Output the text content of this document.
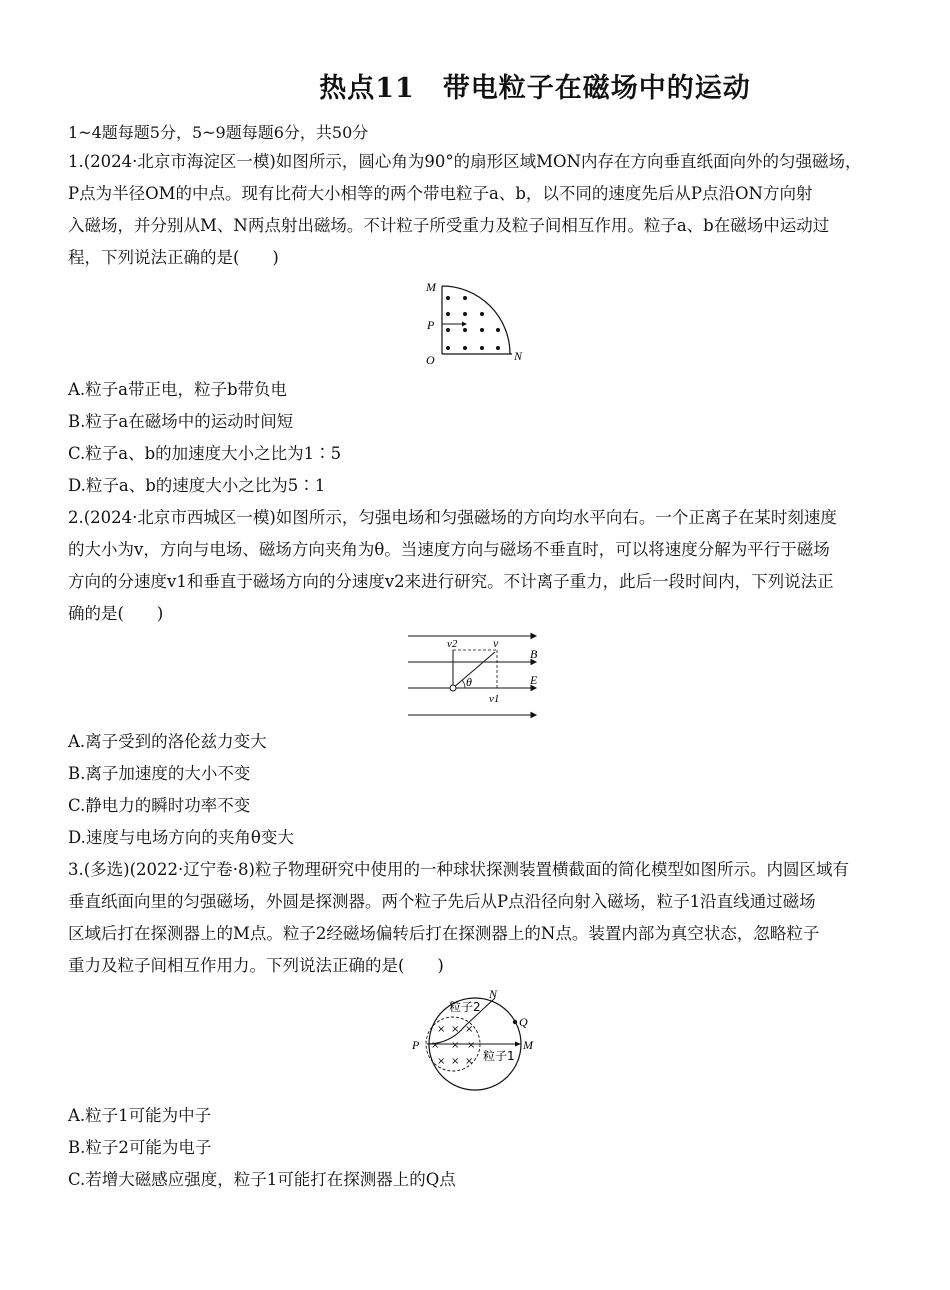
热点11　带电粒子在磁场中的运动
1~4题每题5分，5~9题每题6分，共50分
1.(2024·北京市海淀区一模)如图所示，圆心角为90°的扇形区域MON内存在方向垂直纸面向外的匀强磁场，
P点为半径OM的中点。现有比荷大小相等的两个带电粒子a、b，以不同的速度先后从P点沿ON方向射
入磁场，并分别从M、N两点射出磁场。不计粒子所受重力及粒子间相互作用。粒子a、b在磁场中运动过
程，下列说法正确的是(　　)
M
P
O	N
A.粒子a带正电，粒子b带负电
B.粒子a在磁场中的运动时间短
C.粒子a、b的加速度大小之比为1∶5
D.粒子a、b的速度大小之比为5∶1
2.(2024·北京市西城区一模)如图所示，匀强电场和匀强磁场的方向均水平向右。一个正离子在某时刻速度
的大小为v，方向与电场、磁场方向夹角为θ。当速度方向与磁场不垂直时，可以将速度分解为平行于磁场
方向的分速度v1和垂直于磁场方向的分速度v2来进行研究。不计离子重力，此后一段时间内，下列说法正
确的是(　　)
v2	v
B
E
θ
v1
A.离子受到的洛伦兹力变大
B.离子加速度的大小不变
C.静电力的瞬时功率不变
D.速度与电场方向的夹角θ变大
3.(多选)(2022·辽宁卷·8)粒子物理研究中使用的一种球状探测装置横截面的简化模型如图所示。内圆区域有
垂直纸面向里的匀强磁场，外圆是探测器。两个粒子先后从P点沿径向射入磁场，粒子1沿直线通过磁场
区域后打在探测器上的M点。粒子2经磁场偏转后打在探测器上的N点。装置内部为真空状态，忽略粒子
重力及粒子间相互作用力。下列说法正确的是(　　)
× × ×
× × ×
× × ×
N
粒子2
Q
P	M
粒子1
A.粒子1可能为中子
B.粒子2可能为电子
C.若增大磁感应强度，粒子1可能打在探测器上的Q点
